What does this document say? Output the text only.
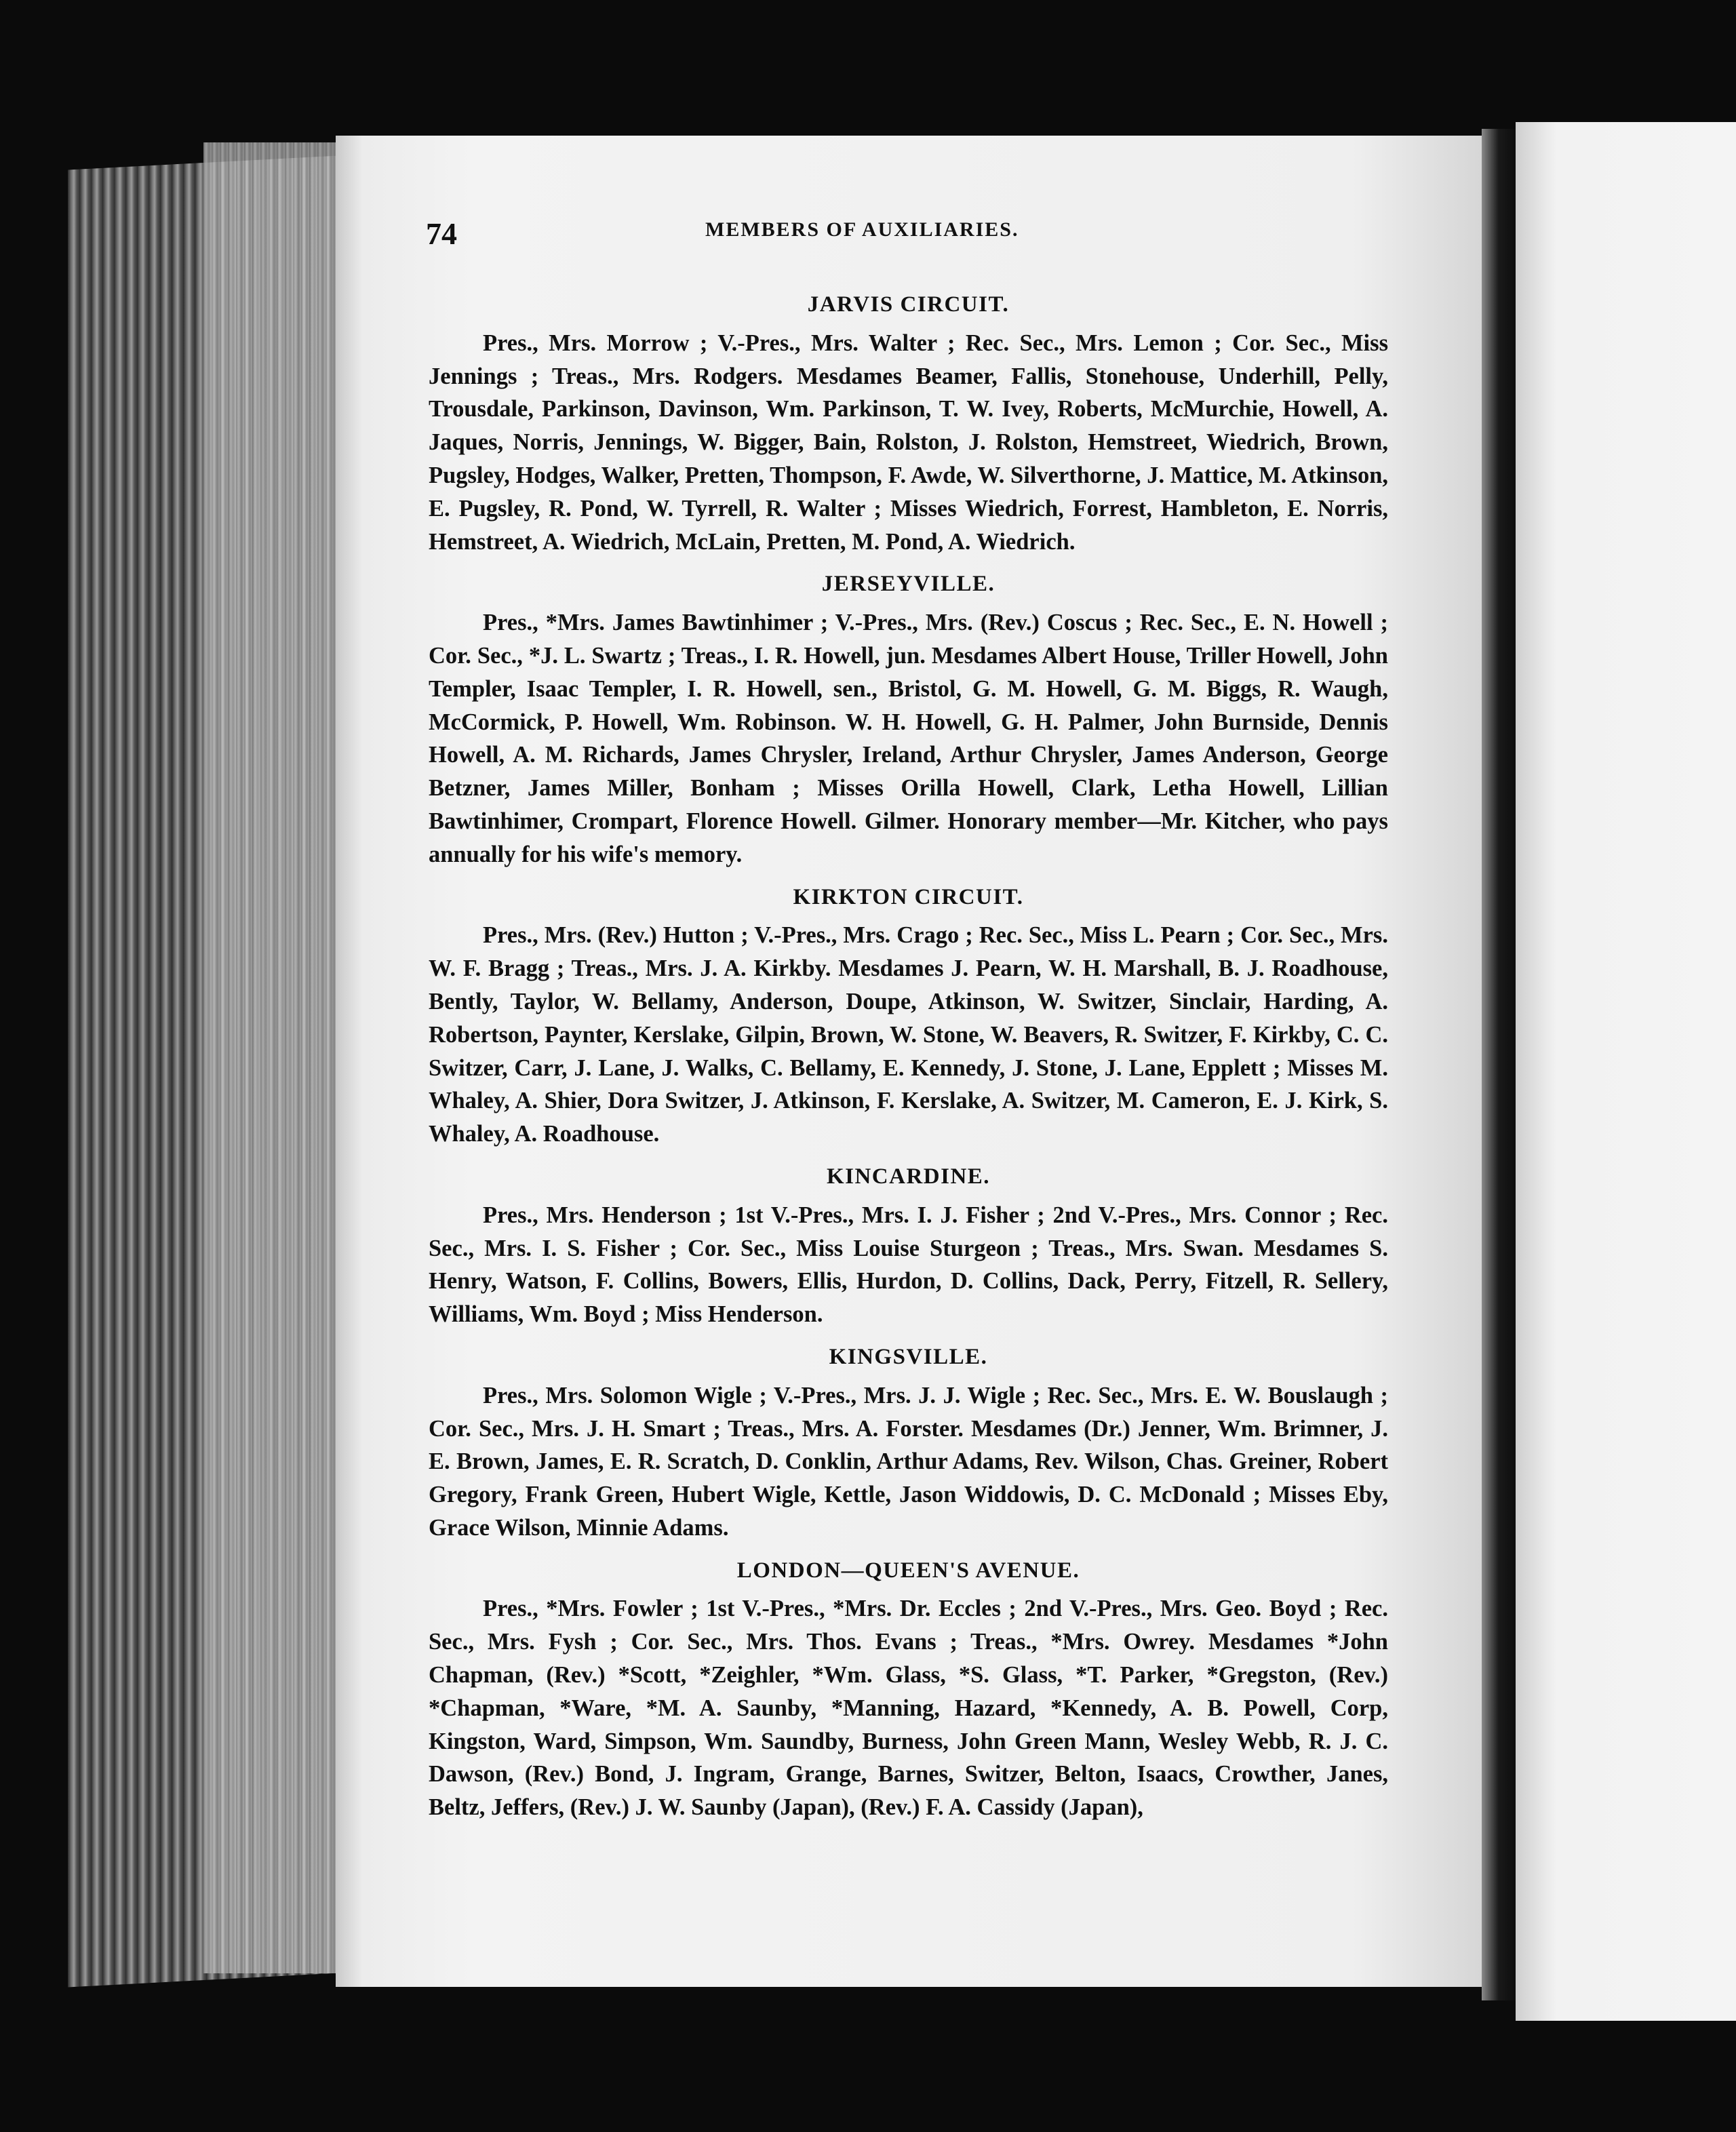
74	MEMBERS OF AUXILIARIES.
JARVIS CIRCUIT.

Pres., Mrs. Morrow ; V.-Pres., Mrs. Walter ; Rec. Sec., Mrs. Lemon ; Cor. Sec., Miss Jennings ; Treas., Mrs. Rodgers. Mesdames Beamer, Fallis, Stonehouse, Underhill, Pelly, Trousdale, Parkinson, Davinson, Wm. Parkinson, T. W. Ivey, Roberts, McMurchie, Howell, A. Jaques, Norris, Jennings, W. Bigger, Bain, Rolston, J. Rolston, Hemstreet, Wiedrich, Brown, Pugsley, Hodges, Walker, Pretten, Thompson, F. Awde, W. Silverthorne, J. Mattice, M. Atkinson, E. Pugsley, R. Pond, W. Tyrrell, R. Walter ; Misses Wiedrich, Forrest, Hambleton, E. Norris, Hemstreet, A. Wiedrich, McLain, Pretten, M. Pond, A. Wiedrich.

JERSEYVILLE.

Pres., *Mrs. James Bawtinhimer ; V.-Pres., Mrs. (Rev.) Coscus ; Rec. Sec., E. N. Howell ; Cor. Sec., *J. L. Swartz ; Treas., I. R. Howell, jun. Mesdames Albert House, Triller Howell, John Templer, Isaac Templer, I. R. Howell, sen., Bristol, G. M. Howell, G. M. Biggs, R. Waugh, McCormick, P. Howell, Wm. Robinson. W. H. Howell, G. H. Palmer, John Burnside, Dennis Howell, A. M. Richards, James Chrysler, Ireland, Arthur Chrysler, James Anderson, George Betzner, James Miller, Bonham ; Misses Orilla Howell, Clark, Letha Howell, Lillian Bawtinhimer, Crompart, Florence Howell. Gilmer. Honorary member—Mr. Kitcher, who pays annually for his wife's memory.

KIRKTON CIRCUIT.

Pres., Mrs. (Rev.) Hutton ; V.-Pres., Mrs. Crago ; Rec. Sec., Miss L. Pearn ; Cor. Sec., Mrs. W. F. Bragg ; Treas., Mrs. J. A. Kirkby. Mesdames J. Pearn, W. H. Marshall, B. J. Roadhouse, Bently, Taylor, W. Bellamy, Anderson, Doupe, Atkinson, W. Switzer, Sinclair, Harding, A. Robertson, Paynter, Kerslake, Gilpin, Brown, W. Stone, W. Beavers, R. Switzer, F. Kirkby, C. C. Switzer, Carr, J. Lane, J. Walks, C. Bellamy, E. Kennedy, J. Stone, J. Lane, Epplett ; Misses M. Whaley, A. Shier, Dora Switzer, J. Atkinson, F. Kerslake, A. Switzer, M. Cameron, E. J. Kirk, S. Whaley, A. Roadhouse.

KINCARDINE.

Pres., Mrs. Henderson ; 1st V.-Pres., Mrs. I. J. Fisher ; 2nd V.-Pres., Mrs. Connor ; Rec. Sec., Mrs. I. S. Fisher ; Cor. Sec., Miss Louise Sturgeon ; Treas., Mrs. Swan. Mesdames S. Henry, Watson, F. Collins, Bowers, Ellis, Hurdon, D. Collins, Dack, Perry, Fitzell, R. Sellery, Williams, Wm. Boyd ; Miss Henderson.

KINGSVILLE.

Pres., Mrs. Solomon Wigle ; V.-Pres., Mrs. J. J. Wigle ; Rec. Sec., Mrs. E. W. Bouslaugh ; Cor. Sec., Mrs. J. H. Smart ; Treas., Mrs. A. Forster. Mesdames (Dr.) Jenner, Wm. Brimner, J. E. Brown, James, E. R. Scratch, D. Conklin, Arthur Adams, Rev. Wilson, Chas. Greiner, Robert Gregory, Frank Green, Hubert Wigle, Kettle, Jason Widdowis, D. C. McDonald ; Misses Eby, Grace Wilson, Minnie Adams.

LONDON—QUEEN'S AVENUE.

Pres., *Mrs. Fowler ; 1st V.-Pres., *Mrs. Dr. Eccles ; 2nd V.-Pres., Mrs. Geo. Boyd ; Rec. Sec., Mrs. Fysh ; Cor. Sec., Mrs. Thos. Evans ; Treas., *Mrs. Owrey. Mesdames *John Chapman, (Rev.) *Scott, *Zeighler, *Wm. Glass, *S. Glass, *T. Parker, *Gregston, (Rev.) *Chapman, *Ware, *M. A. Saunby, *Manning, Hazard, *Kennedy, A. B. Powell, Corp, Kingston, Ward, Simpson, Wm. Saundby, Burness, John Green Mann, Wesley Webb, R. J. C. Dawson, (Rev.) Bond, J. Ingram, Grange, Barnes, Switzer, Belton, Isaacs, Crowther, Janes, Beltz, Jeffers, (Rev.) J. W. Saunby (Japan), (Rev.) F. A. Cassidy (Japan),
